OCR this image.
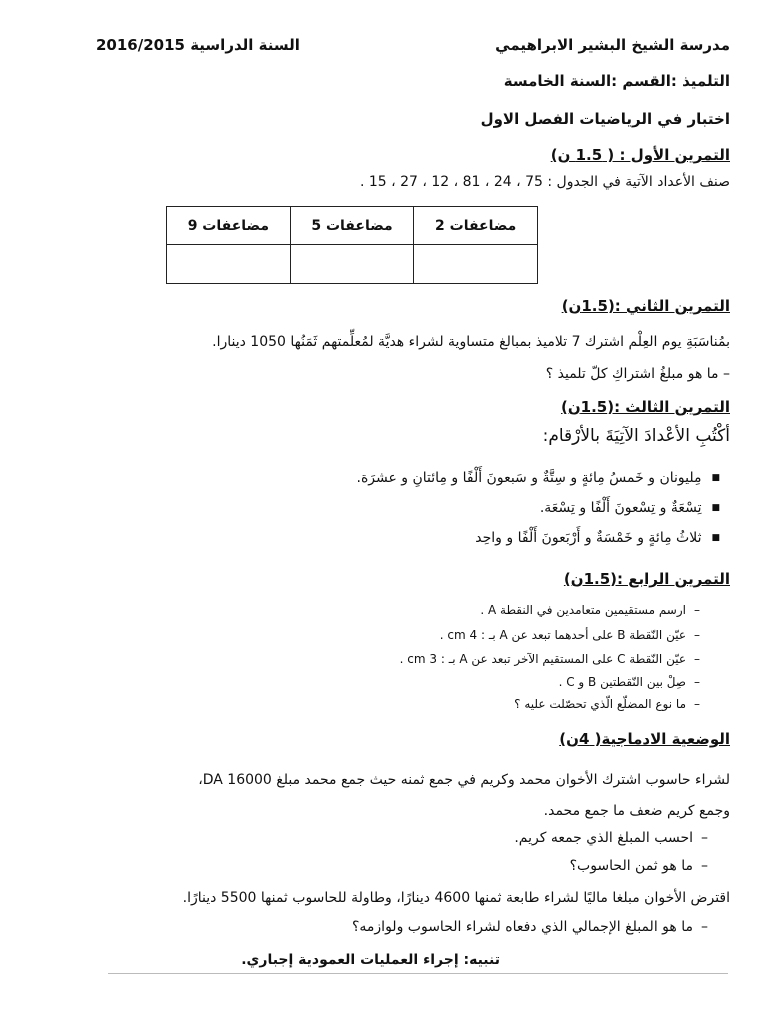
مدرسة الشيخ البشير الابراهيمي
السنة الدراسية 2016/2015
التلميذ :القسم :السنة الخامسة
اختبار في الرياضيات الفصل الاول
التمرين الأول : ( 1.5 ن)
صنف الأعداد الآتية في الجدول : 75 ، 24 ، 81 ، 12 ، 27 ، 15 .
مضاعفات 2	مضاعفات 5	مضاعفات 9

التمرين الثاني :(1.5ن)
بمُناسَبَةِ يوم العِلْم اشترك 7 تلاميذ بمبالغ متساوية لشراء هديَّة لمُعلِّمتهم ثَمَنُها 1050 دينارا.
– ما هو مبلغُ اشتراكِ كلّ تلميذ ؟
التمرين الثالث :(1.5ن)
أكْتُبِ الأعْدادَ الآتِيَةَ بالأرْقام:
■مِليونان و خَمسُ مِائةٍ و سِتَّةٌ و سَبعونَ أَلْفًا و مِائتانِ و عشرَة.
■تِسْعَةٌ و تِسْعونَ أَلْفًا و تِسْعَة.
■ثلاثُ مِائةٍ و خَمْسَةٌ و أَرْبَعونَ أَلْفًا و واحِد
التمرين الرابع :(1.5ن)
–ارسم مستقيمين متعامدين في النقطة A .
–عيّن النّقطة B على أحدهما تبعد عن A بـ : 4 cm .
–عيّن النّقطة C على المستقيم الآخر تبعد عن A بـ : 3 cm .
–صِلْ بين النّقطتين B و C .
–ما نوع المضلّع الّذي تحصّلت عليه ؟
الوضعية الادماجية( 4ن)
لشراء حاسوب اشترك الأخوان محمد وكريم في جمع ثمنه حيث جمع محمد مبلغ 16000 DA،
وجمع كريم ضعف ما جمع محمد.
–احسب المبلغ الذي جمعه كريم.
–ما هو ثمن الحاسوب؟
اقترض الأخوان مبلغا ماليًا لشراء طابعة ثمنها 4600 دينارًا، وطاولة للحاسوب ثمنها 5500 دينارًا.
–ما هو المبلغ الإجمالي الذي دفعاه لشراء الحاسوب ولوازمه؟
تنبيه: إجراء العمليات العمودية إجباري.
